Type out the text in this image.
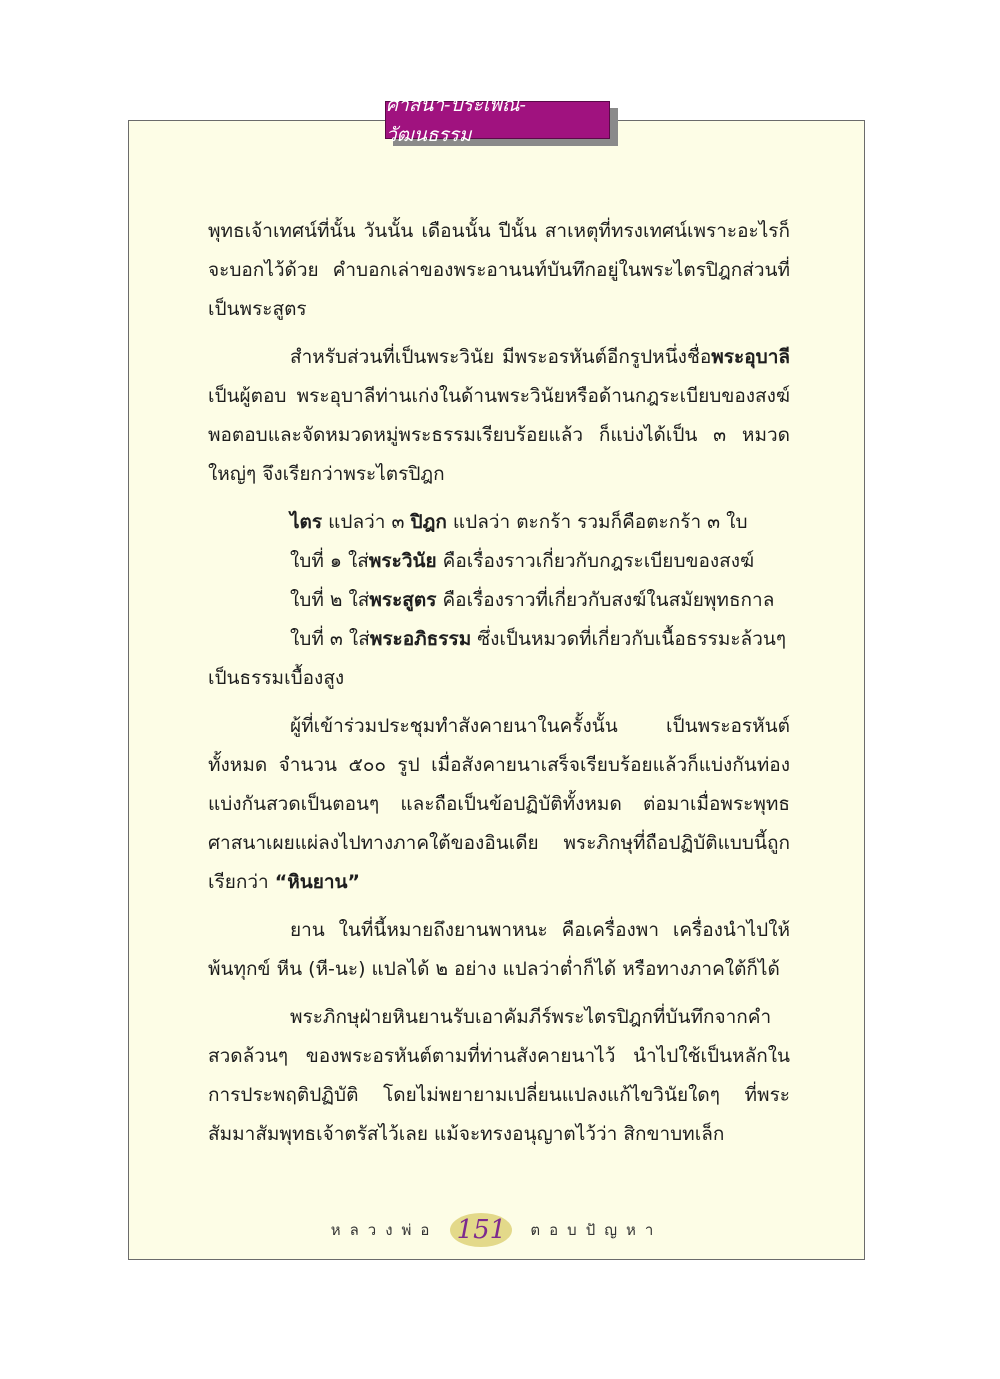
ศาสนา-ประเพณี-วัฒนธรรม

พุทธเจ้าเทศน์ที่นั้น วันนั้น เดือนนั้น ปีนั้น สาเหตุที่ทรงเทศน์เพราะอะไรก็จะบอกไว้ด้วย คำบอกเล่าของพระอานนท์บันทึกอยู่ในพระไตรปิฎกส่วนที่เป็นพระสูตร

สำหรับส่วนที่เป็นพระวินัย มีพระอรหันต์อีกรูปหนึ่งชื่อพระอุบาลีเป็นผู้ตอบ พระอุบาลีท่านเก่งในด้านพระวินัยหรือด้านกฎระเบียบของสงฆ์ พอตอบและจัดหมวดหมู่พระธรรมเรียบร้อยแล้ว ก็แบ่งได้เป็น ๓ หมวดใหญ่ๆ จึงเรียกว่าพระไตรปิฎก

ไตร แปลว่า ๓ ปิฎก แปลว่า ตะกร้า รวมก็คือตะกร้า ๓ ใบ

ใบที่ ๑ ใส่พระวินัย คือเรื่องราวเกี่ยวกับกฎระเบียบของสงฆ์

ใบที่ ๒ ใส่พระสูตร คือเรื่องราวที่เกี่ยวกับสงฆ์ในสมัยพุทธกาล

ใบที่ ๓ ใส่พระอภิธรรม ซึ่งเป็นหมวดที่เกี่ยวกับเนื้อธรรมะล้วนๆ เป็นธรรมเบื้องสูง

ผู้ที่เข้าร่วมประชุมทำสังคายนาในครั้งนั้น เป็นพระอรหันต์ทั้งหมด จำนวน ๕๐๐ รูป เมื่อสังคายนาเสร็จเรียบร้อยแล้วก็แบ่งกันท่อง แบ่งกันสวดเป็นตอนๆ และถือเป็นข้อปฏิบัติทั้งหมด ต่อมาเมื่อพระพุทธศาสนาเผยแผ่ลงไปทางภาคใต้ของอินเดีย พระภิกษุที่ถือปฏิบัติแบบนี้ถูกเรียกว่า “หินยาน”

ยาน ในที่นี้หมายถึงยานพาหนะ คือเครื่องพา เครื่องนำไปให้พ้นทุกข์ หีน (หี-นะ) แปลได้ ๒ อย่าง แปลว่าต่ำก็ได้ หรือทางภาคใต้ก็ได้

พระภิกษุฝ่ายหินยานรับเอาคัมภีร์พระไตรปิฎกที่บันทึกจากคำสวดล้วนๆ ของพระอรหันต์ตามที่ท่านสังคายนาไว้ นำไปใช้เป็นหลักในการประพฤติปฏิบัติ โดยไม่พยายามเปลี่ยนแปลงแก้ไขวินัยใดๆ ที่พระสัมมาสัมพุทธเจ้าตรัสไว้เลย แม้จะทรงอนุญาตไว้ว่า สิกขาบทเล็ก

หลวงพ่อ 151	ตอบปัญหา
